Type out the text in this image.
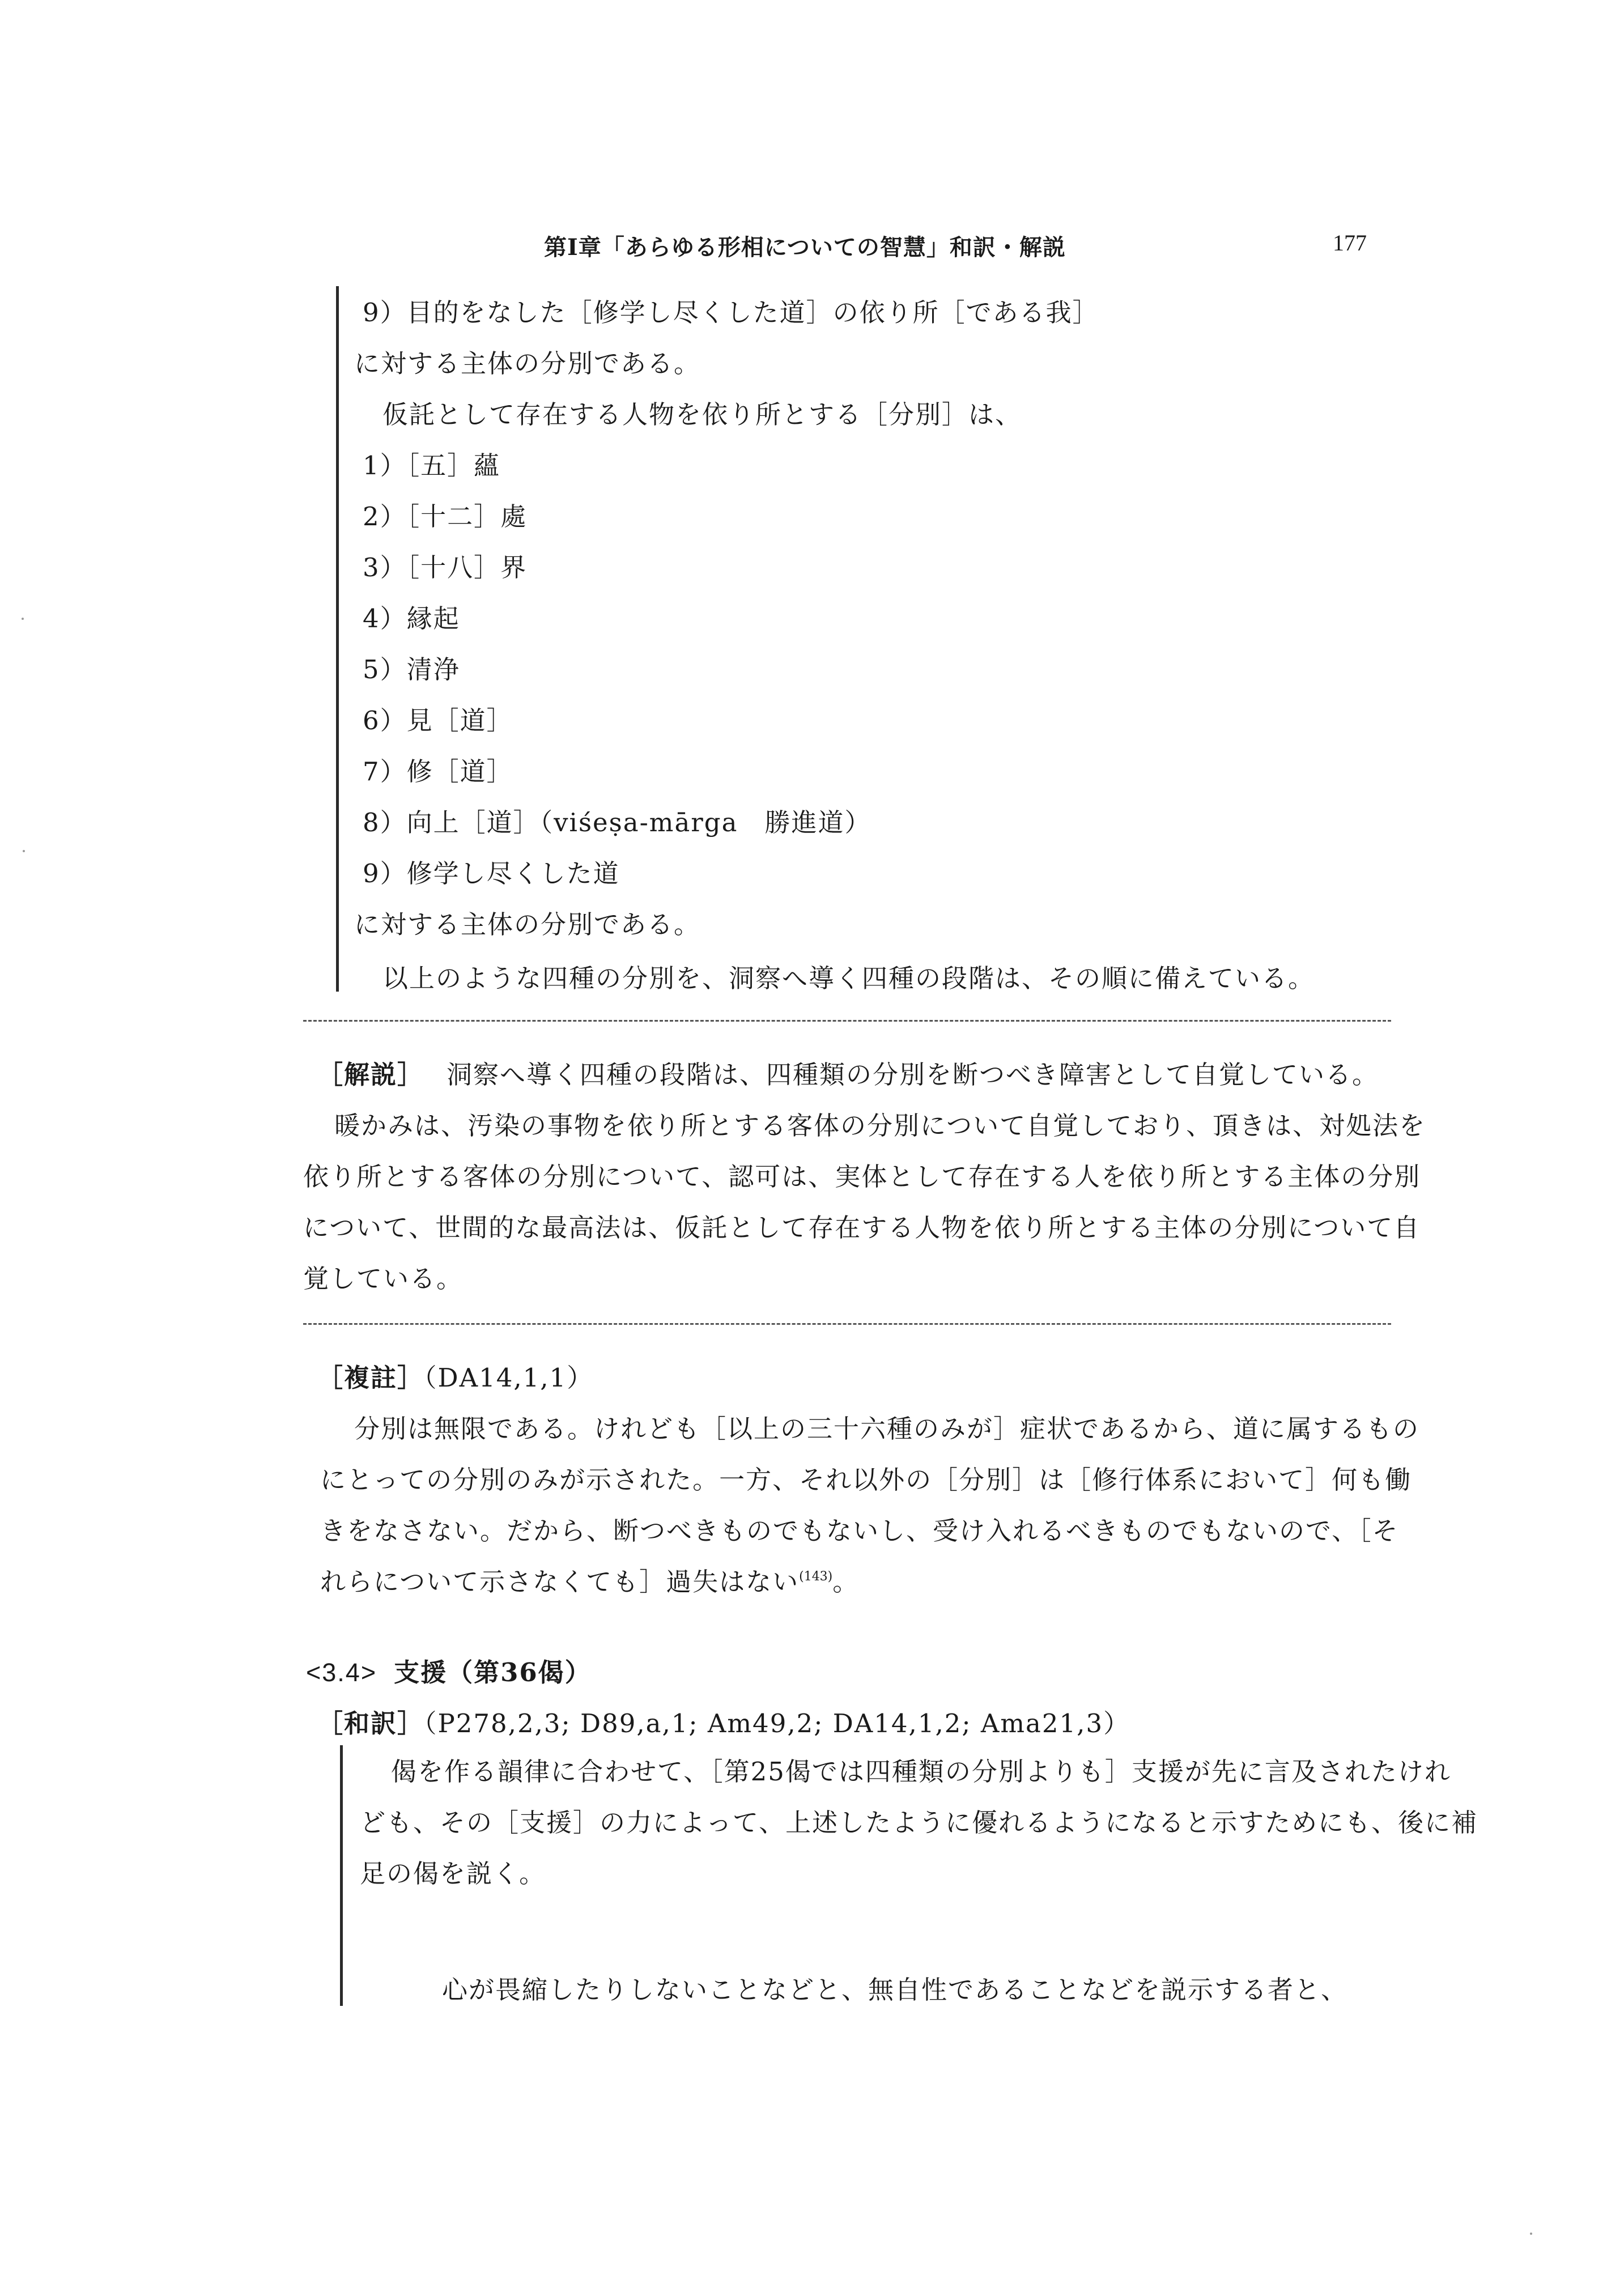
第Ⅰ章「あらゆる形相についての智慧」和訳・解説	177
9）目的をなした［修学し尽くした道］の依り所［である我］
に対する主体の分別である。
仮託として存在する人物を依り所とする［分別］は、
1）［五］蘊
2）［十二］處
3）［十八］界
4）縁起
5）清浄
6）見［道］
7）修［道］
8）向上［道］（viśeṣa-mārga　勝進道）
9）修学し尽くした道
に対する主体の分別である。
以上のような四種の分別を、洞察へ導く四種の段階は、その順に備えている。
［解説］ 洞察へ導く四種の段階は、四種類の分別を断つべき障害として自覚している。
暖かみは、汚染の事物を依り所とする客体の分別について自覚しており、頂きは、対処法を
依り所とする客体の分別について、認可は、実体として存在する人を依り所とする主体の分別
について、世間的な最高法は、仮託として存在する人物を依り所とする主体の分別について自
覚している。
［複註］（DA14,1,1）
分別は無限である。けれども［以上の三十六種のみが］症状であるから、道に属するもの
にとっての分別のみが示された。一方、それ以外の［分別］は［修行体系において］何も働
きをなさない。だから、断つべきものでもないし、受け入れるべきものでもないので、［そ
れらについて示さなくても］過失はない$^{(143)}$。
<3.4> 支援（第36偈）
［和訳］（P278,2,3; D89,a,1; Am49,2; DA14,1,2; Ama21,3）
偈を作る韻律に合わせて、［第25偈では四種類の分別よりも］支援が先に言及されたけれ
ども、その［支援］の力によって、上述したように優れるようになると示すためにも、後に補
足の偈を説く。
心が畏縮したりしないことなどと、無自性であることなどを説示する者と、
